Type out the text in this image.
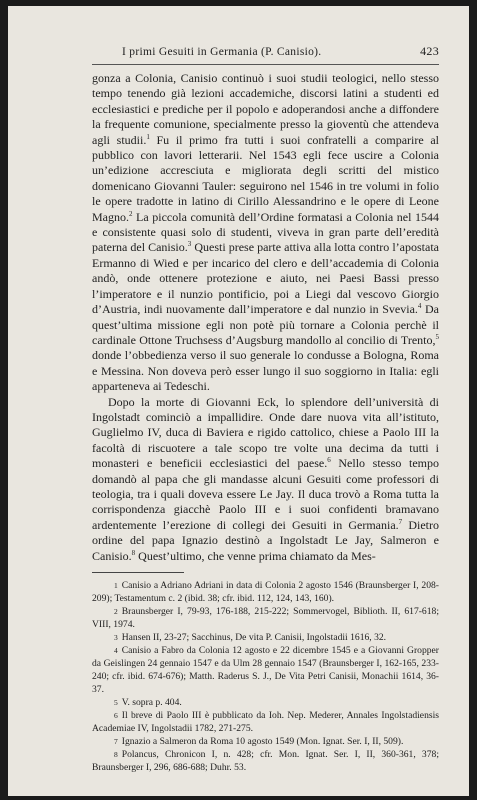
I primi Gesuiti in Germania (P. Canisio).	423

gonza a Colonia, Canisio continuò i suoi studii teologici, nello stesso tempo tenendo già lezioni accademiche, discorsi latini a studenti ed ecclesiastici e prediche per il popolo e adoperandosi anche a diffondere la frequente comunione, specialmente presso la gioventù che attendeva agli studii.$^1$ Fu il primo fra tutti i suoi confratelli a comparire al pubblico con lavori letterarii. Nel 1543 egli fece uscire a Colonia un’edizione accresciuta e migliorata degli scritti del mistico domenicano Giovanni Tauler: seguirono nel 1546 in tre volumi in folio le opere tradotte in latino di Cirillo Alessandrino e le opere di Leone Magno.$^2$ La piccola comunità dell’Ordine formatasi a Colonia nel 1544 e consistente quasi solo di studenti, viveva in gran parte dell’eredità paterna del Canisio.$^3$ Questi prese parte attiva alla lotta contro l’apostata Ermanno di Wied e per incarico del clero e dell’accademia di Colonia andò, onde ottenere protezione e aiuto, nei Paesi Bassi presso l’imperatore e il nunzio pontificio, poi a Liegi dal vescovo Giorgio d’Austria, indi nuovamente dall’imperatore e dal nunzio in Svevia.$^4$ Da quest’ultima missione egli non potè più tornare a Colonia perchè il cardinale Ottone Truchsess d’Augsburg mandollo al concilio di Trento,$^5$ donde l’obbedienza verso il suo generale lo condusse a Bologna, Roma e Messina. Non doveva però esser lungo il suo soggiorno in Italia: egli apparteneva ai Tedeschi.

Dopo la morte di Giovanni Eck, lo splendore dell’università di Ingolstadt cominciò a impallidire. Onde dare nuova vita all’istituto, Guglielmo IV, duca di Baviera e rigido cattolico, chiese a Paolo III la facoltà di riscuotere a tale scopo tre volte una decima da tutti i monasteri e beneficii ecclesiastici del paese.$^6$ Nello stesso tempo domandò al papa che gli mandasse alcuni Gesuiti come professori di teologia, tra i quali doveva essere Le Jay. Il duca trovò a Roma tutta la corrispondenza giacchè Paolo III e i suoi confidenti bramavano ardentemente l’erezione di collegi dei Gesuiti in Germania.$^7$ Dietro ordine del papa Ignazio destinò a Ingolstadt Le Jay, Salmeron e Canisio.$^8$ Quest’ultimo, che venne prima chiamato da Mes-

1 Canisio a Adriano Adriani in data di Colonia 2 agosto 1546 (Braunsberger I, 208-209); Testamentum c. 2 (ibid. 38; cfr. ibid. 112, 124, 143, 160).

2 Braunsberger I, 79-93, 176-188, 215-222; Sommervogel, Biblioth. II, 617-618; VIII, 1974.

3 Hansen II, 23-27; Sacchinus, De vita P. Canisii, Ingolstadii 1616, 32.

4 Canisio a Fabro da Colonia 12 agosto e 22 dicembre 1545 e a Giovanni Gropper da Geislingen 24 gennaio 1547 e da Ulm 28 gennaio 1547 (Braunsberger I, 162-165, 233-240; cfr. ibid. 674-676); Matth. Raderus S. J., De Vita Petri Canisii, Monachii 1614, 36-37.

5 V. sopra p. 404.

6 Il breve di Paolo III è pubblicato da Ioh. Nep. Mederer, Annales Ingolstadiensis Academiae IV, Ingolstadii 1782, 271-275.

7 Ignazio a Salmeron da Roma 10 agosto 1549 (Mon. Ignat. Ser. I, II, 509).

8 Polancus, Chronicon I, n. 428; cfr. Mon. Ignat. Ser. I, II, 360-361, 378; Braunsberger I, 296, 686-688; Duhr. 53.
